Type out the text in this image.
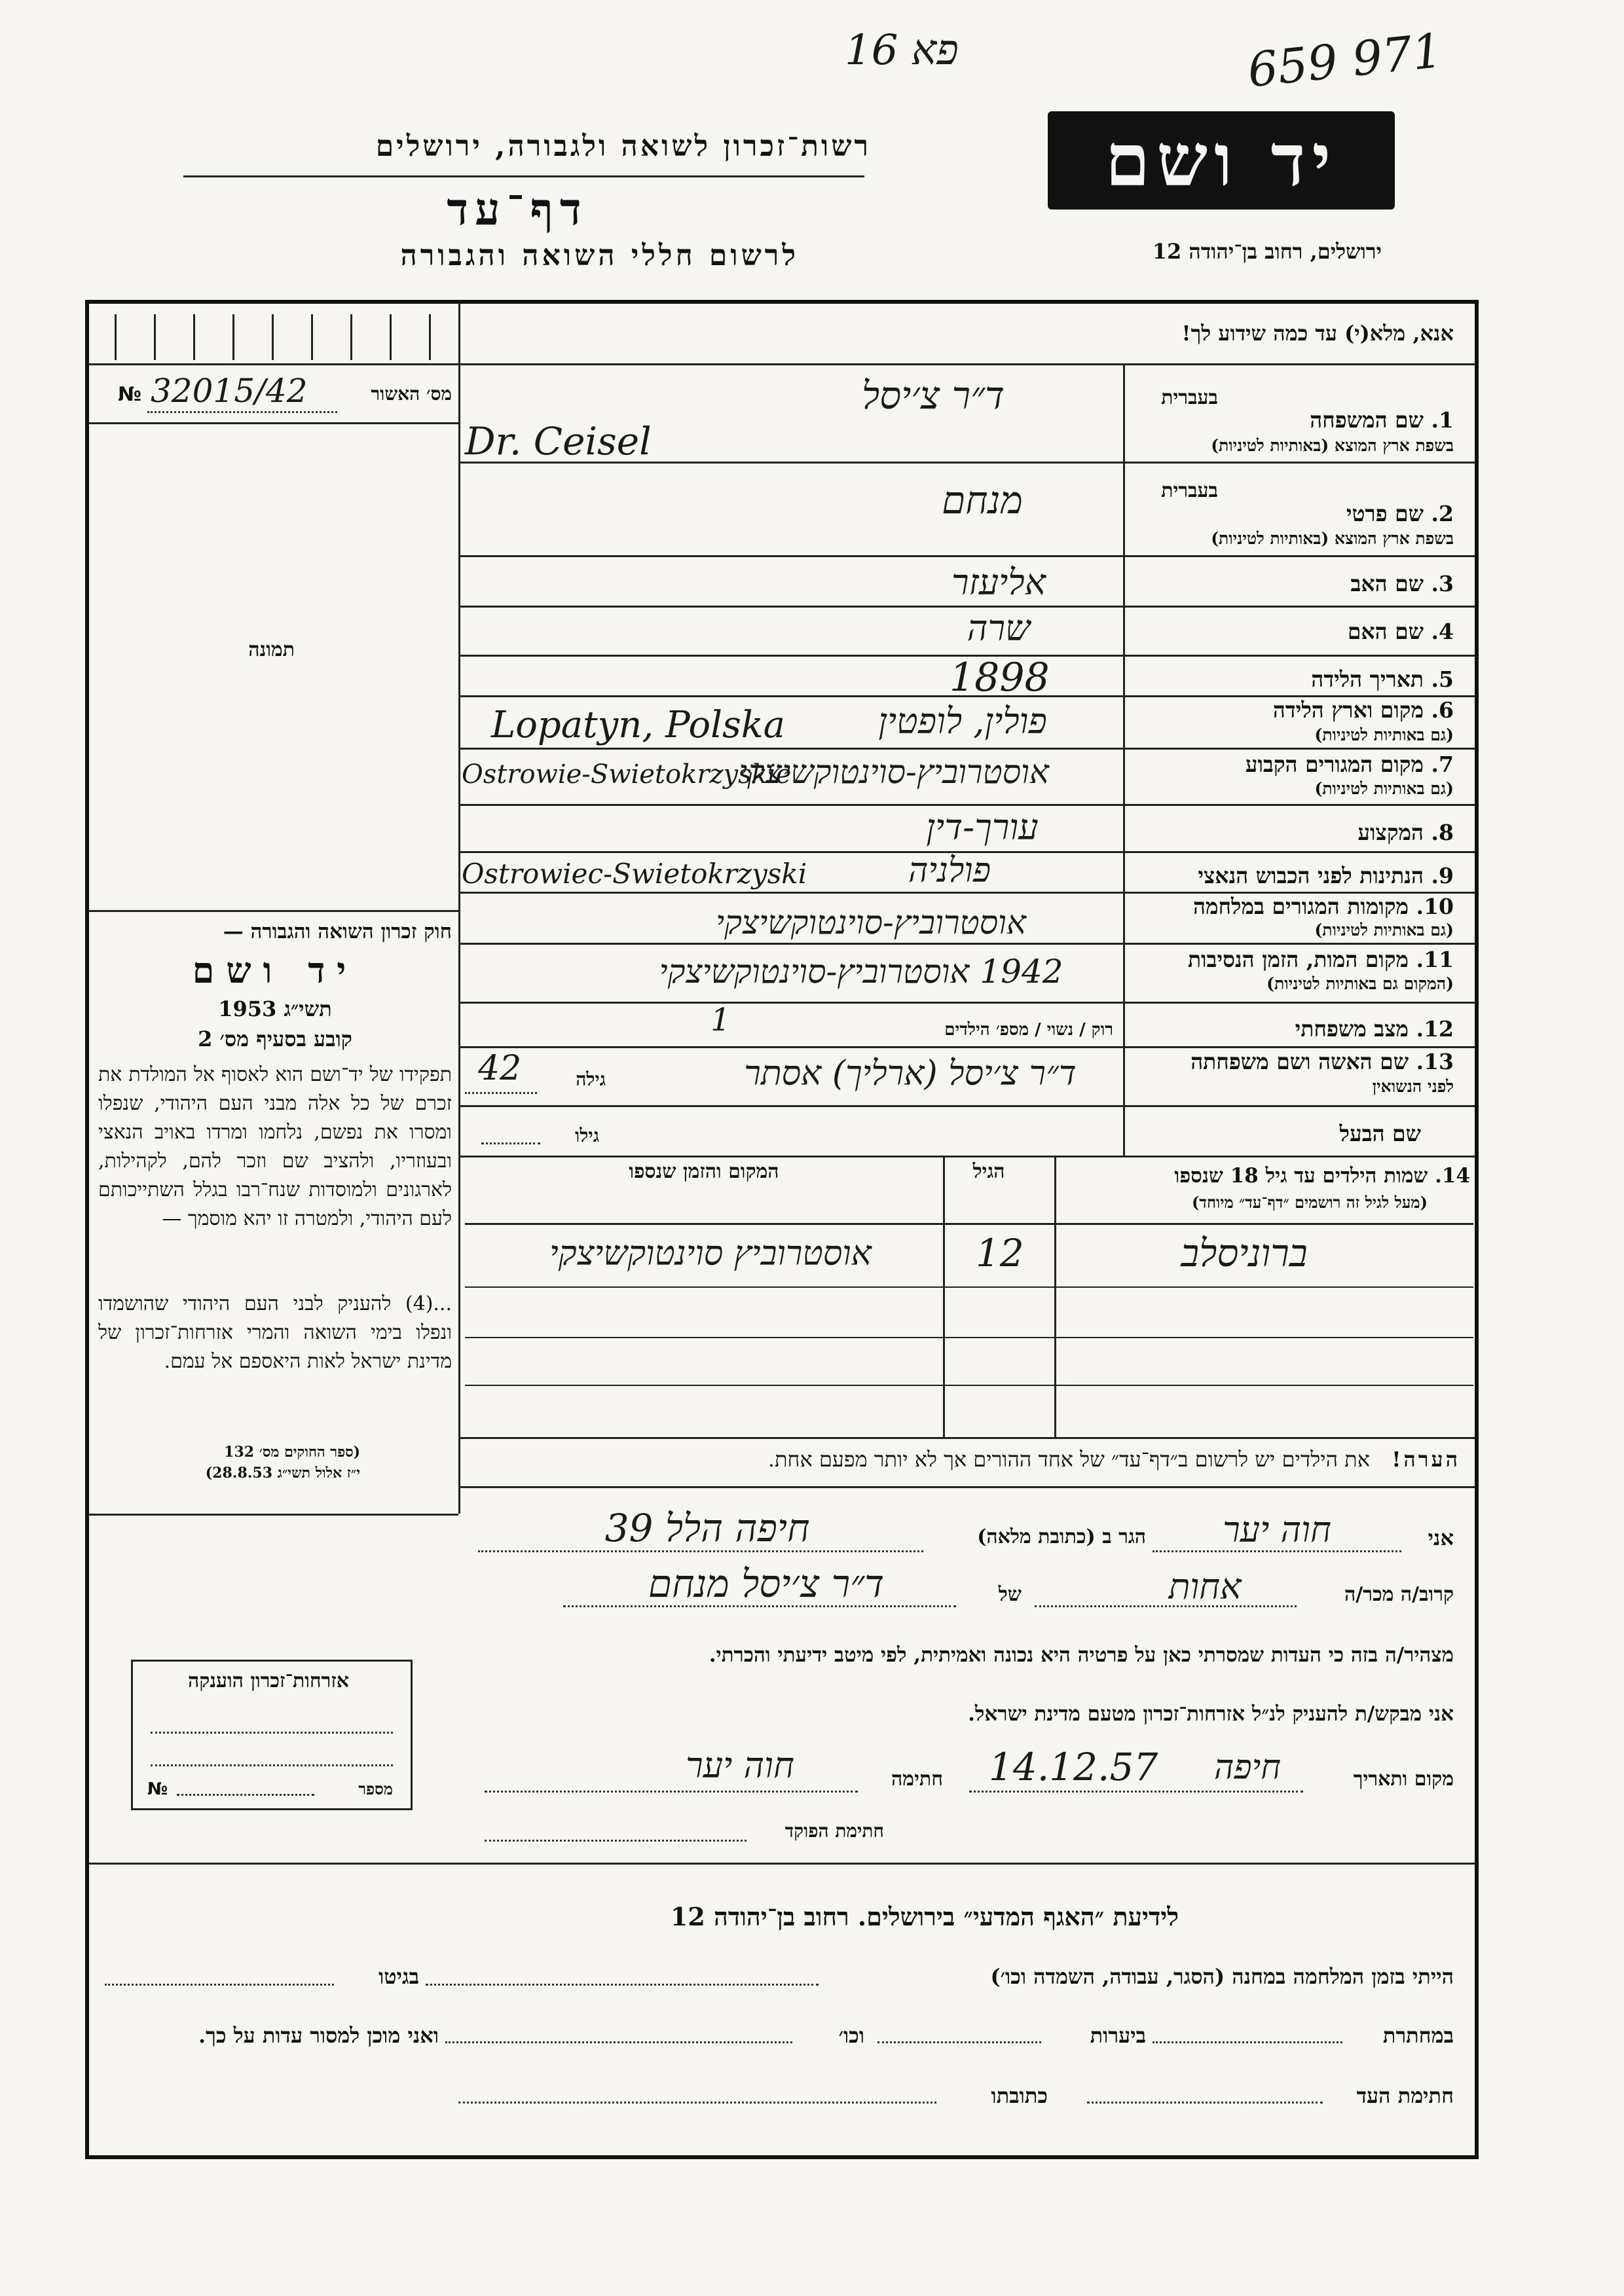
16 פא	659 971
רשות־זכרון לשואה ולגבורה, ירושלים
דף־עד
לרשום חללי השואה והגבורה
יד ושם
ירושלים, רחוב בן־יהודה 12
מס׳ האשור
№ 32015/42
תמונה
חוק זכרון השואה והגבורה —
יד ושם
תשי״ג 1953
קובע בסעיף מס׳ 2
תפקידו של יד־ושם הוא לאסוף אל המולדת את זכרם של כל אלה מבני העם היהודי, שנפלו ומסרו את נפשם, נלחמו ומרדו באויב הנאצי ובעוזריו, ולהציב שם וזכר להם, לקהילות, לארגונים ולמוסדות שנח־רבו בגלל השתייכותם לעם היהודי, ולמטרה זו יהא מוסמך —
...(4) להעניק לבני העם היהודי שהושמדו ונפלו בימי השואה והמרי אזרחות־זכרון של מדינת ישראל לאות היאספם אל עמם.
(ספר החוקים מס׳ 132
י״ז אלול תשי״ג 28.8.53)
אנא, מלא(י) עד כמה שידוע לך!
בעברית
1. שם המשפחה
בשפת ארץ המוצא (באותיות לטיניות)
בעברית
2. שם פרטי
בשפת ארץ המוצא (באותיות לטיניות)
3. שם האב
4. שם האם
5. תאריך הלידה
6. מקום וארץ הלידה
(גם באותיות לטיניות)
7. מקום המגורים הקבוע
(גם באותיות לטיניות)
8. המקצוע
9. הנתינות לפני הכבוש הנאצי
10. מקומות המגורים במלחמה
(גם באותיות לטיניות)
11. מקום המות, הזמן הנסיבות
(המקום גם באותיות לטיניות)
12. מצב משפחתי
13. שם האשה ושם משפחתה
לפני הנשואין
שם הבעל
ד״ר צ׳יסל
Dr. Ceisel
מנחם
אליעזר
שרה
1898
פולין, לופטין
Lopatyn, Polska
אוסטרוביץ-סוינטוקשיצקי
Ostrowie-Swietokrzyskie
עורך-דין
פולניה
Ostrowiec-Swietokrzyski
אוסטרוביץ-סוינטוקשיצקי
1942 אוסטרוביץ-סוינטוקשיצקי
רוק / נשוי / מספ׳ הילדים
1
ד״ר צ׳יסל (ארליך) אסתר
גילה
42
גילו
14. שמות הילדים עד גיל 18 שנספו
(מעל לגיל זה רושמים ״דף־עד״ מיוחד)
הגיל
המקום והזמן שנספו
ברוניסלב
12
אוסטרוביץ סוינטוקשיצקי
הערה!   את הילדים יש לרשום ב״דף־עד״ של אחד ההורים אך לא יותר מפעם אחת.
אני
חוה יער
הגר ב (כתובת מלאה)
חיפה הלל 39
קרוב/ה מכר/ה
אחות
של
ד״ר צ׳יסל מנחם
מצהיר/ה בזה כי העדות שמסרתי כאן על פרטיה היא נכונה ואמיתית, לפי מיטב ידיעתי והכרתי.
אני מבקש/ת להעניק לנ״ל אזרחות־זכרון מטעם מדינת ישראל.
מקום ותאריך
חיפה
14.12.57
חתימה
חוה יער
חתימת הפוקד
אזרחות־זכרון הוענקה
№	מספר
לידיעת ״האגף המדעי״ בירושלים. רחוב בן־יהודה 12
הייתי בזמן המלחמה במחנה (הסגר, עבודה, השמדה וכו׳)
בגיטו
במחתרת
ביערות
וכו׳
ואני מוכן למסור עדות על כך.
חתימת העד
כתובתו
